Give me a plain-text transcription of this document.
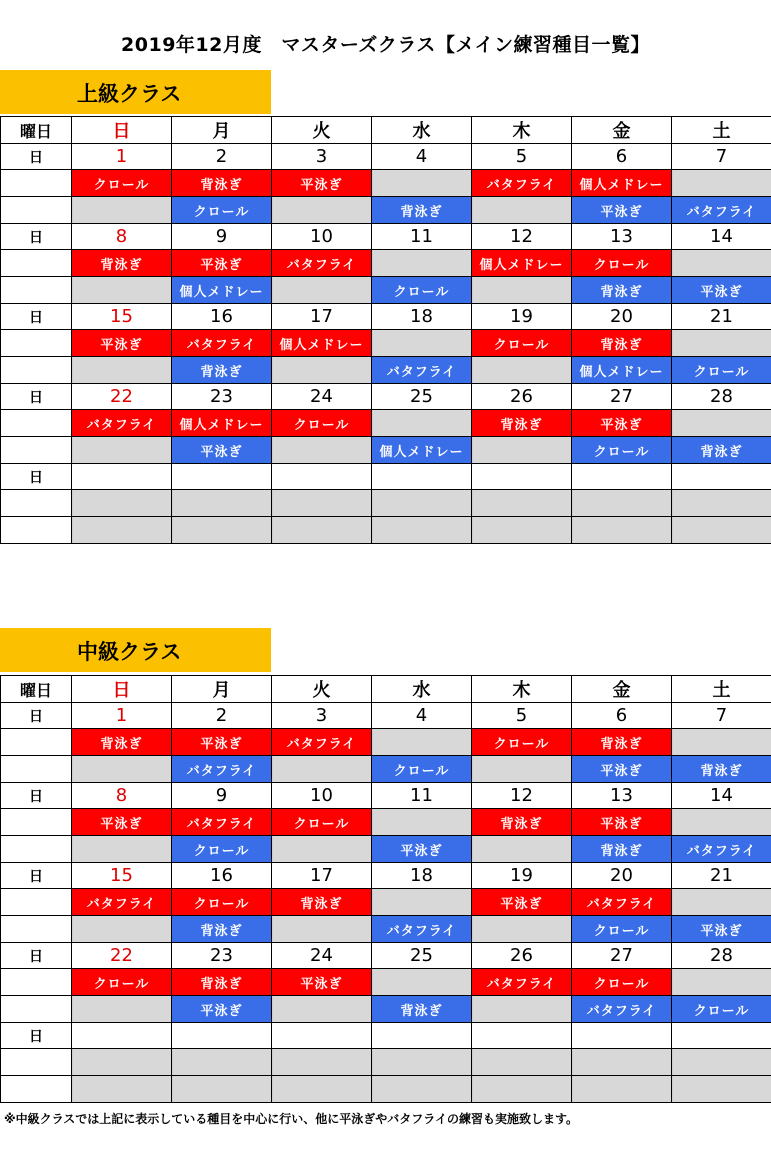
2019年12月度　マスターズクラス【メイン練習種目一覧】
上級クラス
曜日	日	月	火	水	木	金	土
日	1	2	3	4	5	6	7
ＡＭ	クロール	背泳ぎ	平泳ぎ		バタフライ	個人メドレー	
ＰＭ		クロール		背泳ぎ		平泳ぎ	バタフライ
日	8	9	10	11	12	13	14
ＡＭ	背泳ぎ	平泳ぎ	バタフライ		個人メドレー	クロール	
ＰＭ		個人メドレー		クロール		背泳ぎ	平泳ぎ
日	15	16	17	18	19	20	21
ＡＭ	平泳ぎ	バタフライ	個人メドレー		クロール	背泳ぎ	
ＰＭ		背泳ぎ		バタフライ		個人メドレー	クロール
日	22	23	24	25	26	27	28
ＡＭ	バタフライ	個人メドレー	クロール		背泳ぎ	平泳ぎ	
ＰＭ		平泳ぎ		個人メドレー		クロール	背泳ぎ
日							
ＡＭ							
ＰＭ							
中級クラス
曜日	日	月	火	水	木	金	土
日	1	2	3	4	5	6	7
ＡＭ	背泳ぎ	平泳ぎ	バタフライ		クロール	背泳ぎ	
ＰＭ		バタフライ		クロール		平泳ぎ	背泳ぎ
日	8	9	10	11	12	13	14
ＡＭ	平泳ぎ	バタフライ	クロール		背泳ぎ	平泳ぎ	
ＰＭ		クロール		平泳ぎ		背泳ぎ	バタフライ
日	15	16	17	18	19	20	21
ＡＭ	バタフライ	クロール	背泳ぎ		平泳ぎ	バタフライ	
ＰＭ		背泳ぎ		バタフライ		クロール	平泳ぎ
日	22	23	24	25	26	27	28
ＡＭ	クロール	背泳ぎ	平泳ぎ		バタフライ	クロール	
ＰＭ		平泳ぎ		背泳ぎ		バタフライ	クロール
日							
ＡＭ							
ＰＭ							
※中級クラスでは上記に表示している種目を中心に行い、他に平泳ぎやバタフライの練習も実施致します。
